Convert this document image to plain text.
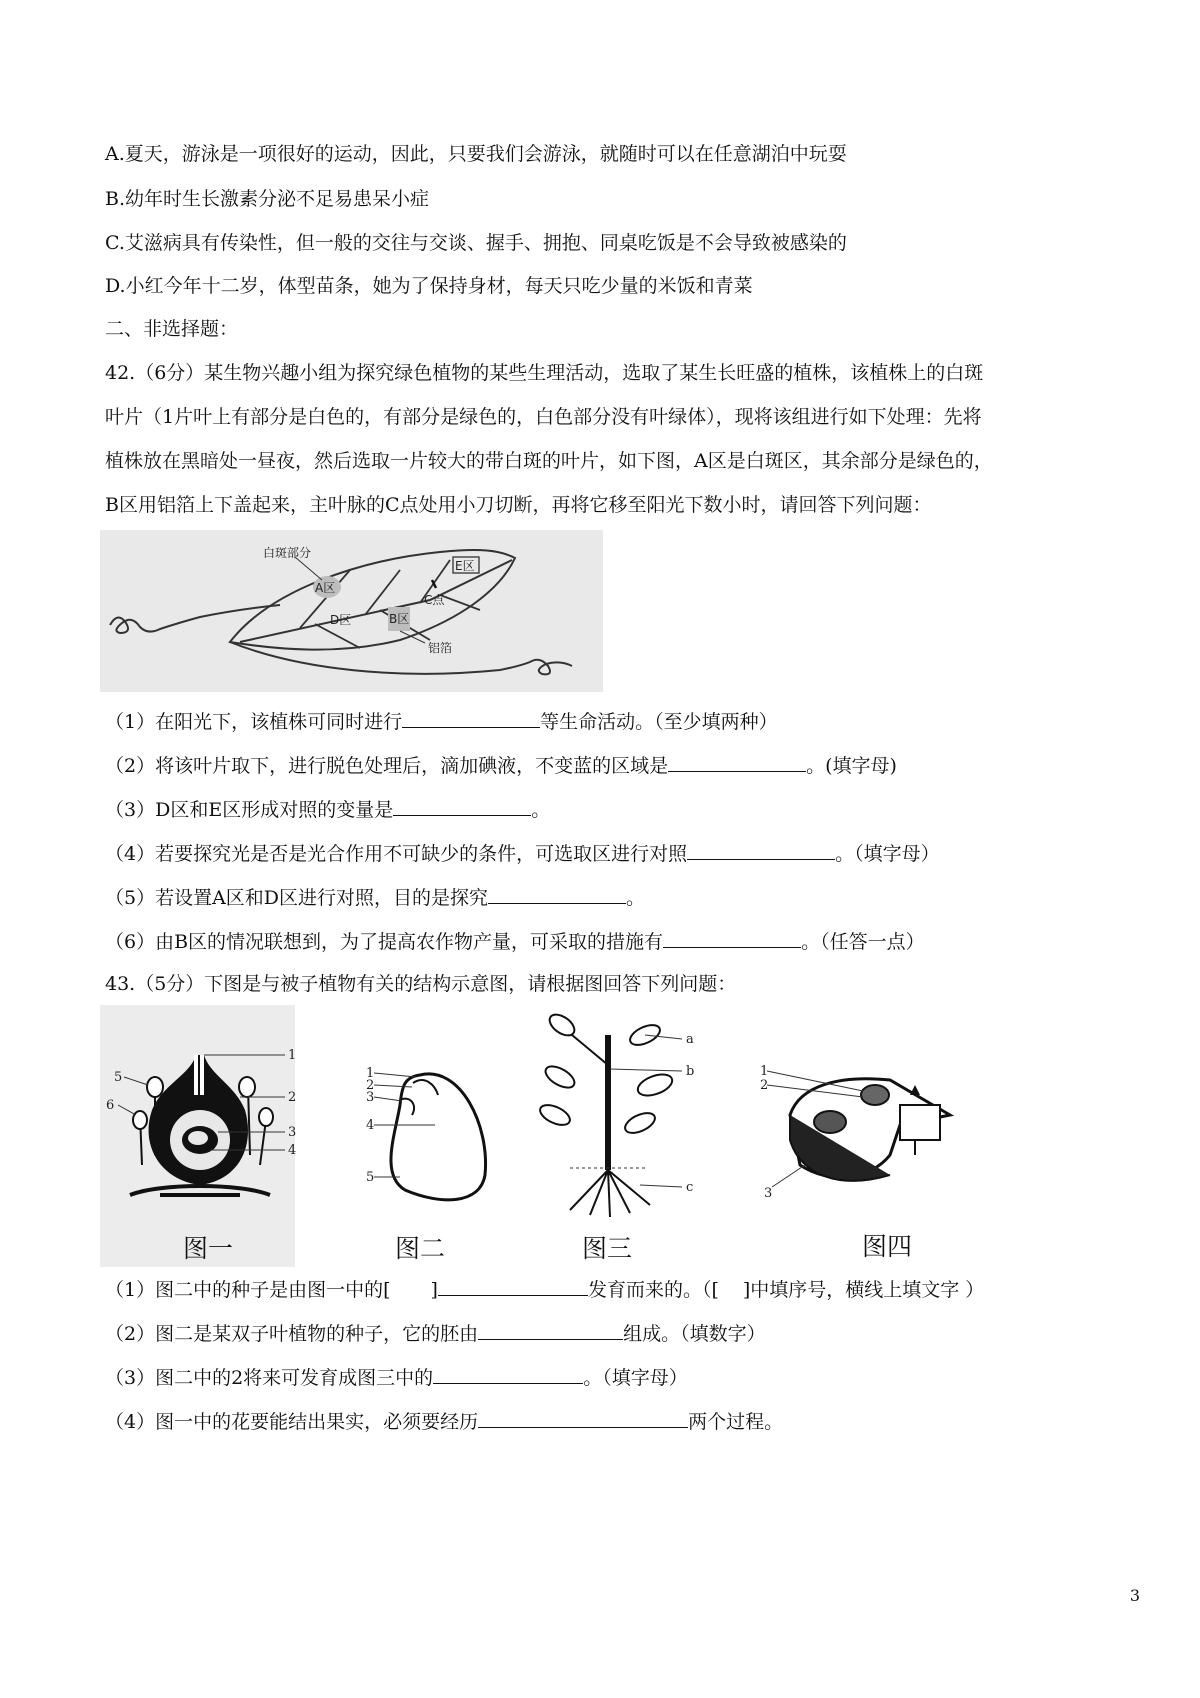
A.夏天，游泳是一项很好的运动，因此，只要我们会游泳，就随时可以在任意湖泊中玩耍
B.幼年时生长激素分泌不足易患呆小症
C.艾滋病具有传染性，但一般的交往与交谈、握手、拥抱、同桌吃饭是不会导致被感染的
D.小红今年十二岁，体型苗条，她为了保持身材，每天只吃少量的米饭和青菜
二、非选择题：
42.（6分）某生物兴趣小组为探究绿色植物的某些生理活动，选取了某生长旺盛的植株，该植株上的白斑
叶片（1片叶上有部分是白色的，有部分是绿色的，白色部分没有叶绿体），现将该组进行如下处理：先将
植株放在黑暗处一昼夜，然后选取一片较大的带白斑的叶片，如下图，A区是白斑区，其余部分是绿色的，
B区用铝箔上下盖起来，主叶脉的C点处用小刀切断，再将它移至阳光下数小时，请回答下列问题：
白斑部分
A区
B区
D区
E区
C点
铝箔
（1）在阳光下，该植株可同时进行	等生命活动。（至少填两种）
（2）将该叶片取下，进行脱色处理后，滴加碘液，不变蓝的区域是	。(填字母)
（3）D区和E区形成对照的变量是	。
（4）若要探究光是否是光合作用不可缺少的条件，可选取区进行对照	。（填字母）
（5）若设置A区和D区进行对照，目的是探究	。
（6）由B区的情况联想到，为了提高农作物产量，可采取的措施有	。（任答一点）
43.（5分）下图是与被子植物有关的结构示意图，请根据图回答下列问题：
1
2
3
4
5
6
图一
1
2
3
4
5
图二
a
b
c
图三
1
2
3
图四
（1）图二中的种子是由图一中的[ ]	发育而来的。（[ ]中填序号，横线上填文字 ）
（2）图二是某双子叶植物的种子，它的胚由	组成。（填数字）
（3）图二中的2将来可发育成图三中的	。（填字母）
（4）图一中的花要能结出果实，必须要经历	两个过程。
3
